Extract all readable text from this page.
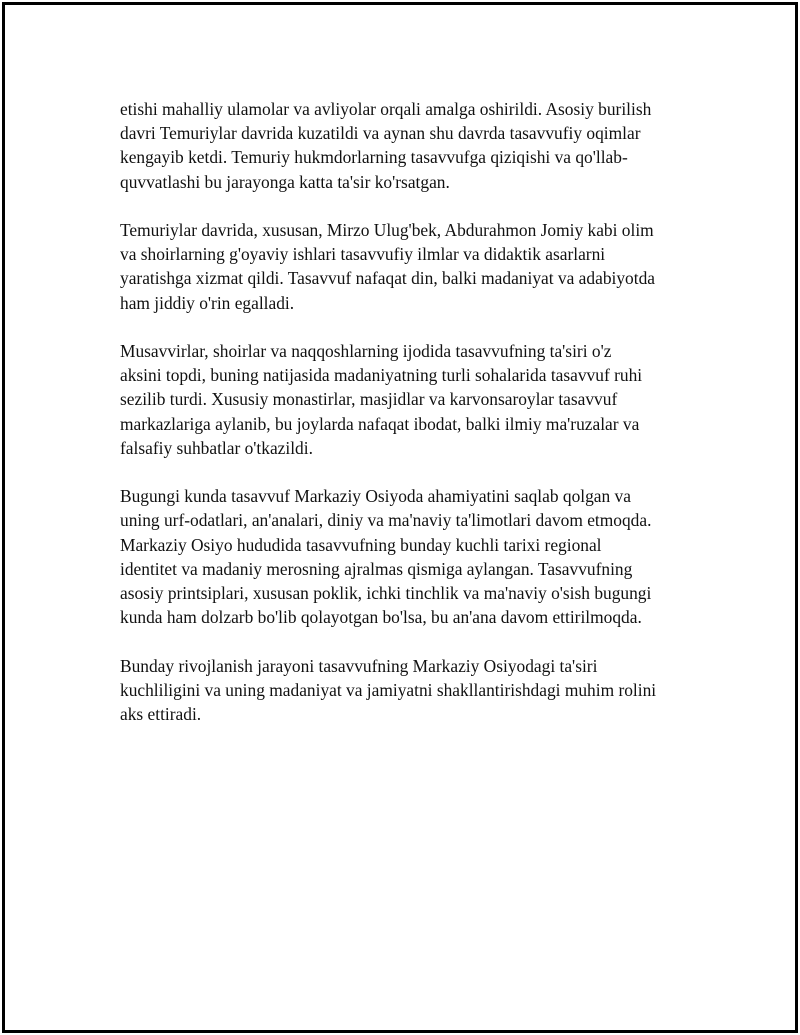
etishi mahalliy ulamolar va avliyolar orqali amalga oshirildi. Asosiy burilish
davri Temuriylar davrida kuzatildi va aynan shu davrda tasavvufiy oqimlar
kengayib ketdi. Temuriy hukmdorlarning tasavvufga qiziqishi va qo'llab-
quvvatlashi bu jarayonga katta ta'sir ko'rsatgan.

Temuriylar davrida, xususan, Mirzo Ulug'bek, Abdurahmon Jomiy kabi olim
va shoirlarning g'oyaviy ishlari tasavvufiy ilmlar va didaktik asarlarni
yaratishga xizmat qildi. Tasavvuf nafaqat din, balki madaniyat va adabiyotda
ham jiddiy o'rin egalladi.

Musavvirlar, shoirlar va naqqoshlarning ijodida tasavvufning ta'siri o'z
aksini topdi, buning natijasida madaniyatning turli sohalarida tasavvuf ruhi
sezilib turdi. Xususiy monastirlar, masjidlar va karvonsaroylar tasavvuf
markazlariga aylanib, bu joylarda nafaqat ibodat, balki ilmiy ma'ruzalar va
falsafiy suhbatlar o'tkazildi.

Bugungi kunda tasavvuf Markaziy Osiyoda ahamiyatini saqlab qolgan va
uning urf-odatlari, an'analari, diniy va ma'naviy ta'limotlari davom etmoqda.
Markaziy Osiyo hududida tasavvufning bunday kuchli tarixi regional
identitet va madaniy merosning ajralmas qismiga aylangan. Tasavvufning
asosiy printsiplari, xususan poklik, ichki tinchlik va ma'naviy o'sish bugungi
kunda ham dolzarb bo'lib qolayotgan bo'lsa, bu an'ana davom ettirilmoqda.

Bunday rivojlanish jarayoni tasavvufning Markaziy Osiyodagi ta'siri
kuchliligini va uning madaniyat va jamiyatni shakllantirishdagi muhim rolini
aks ettiradi.
